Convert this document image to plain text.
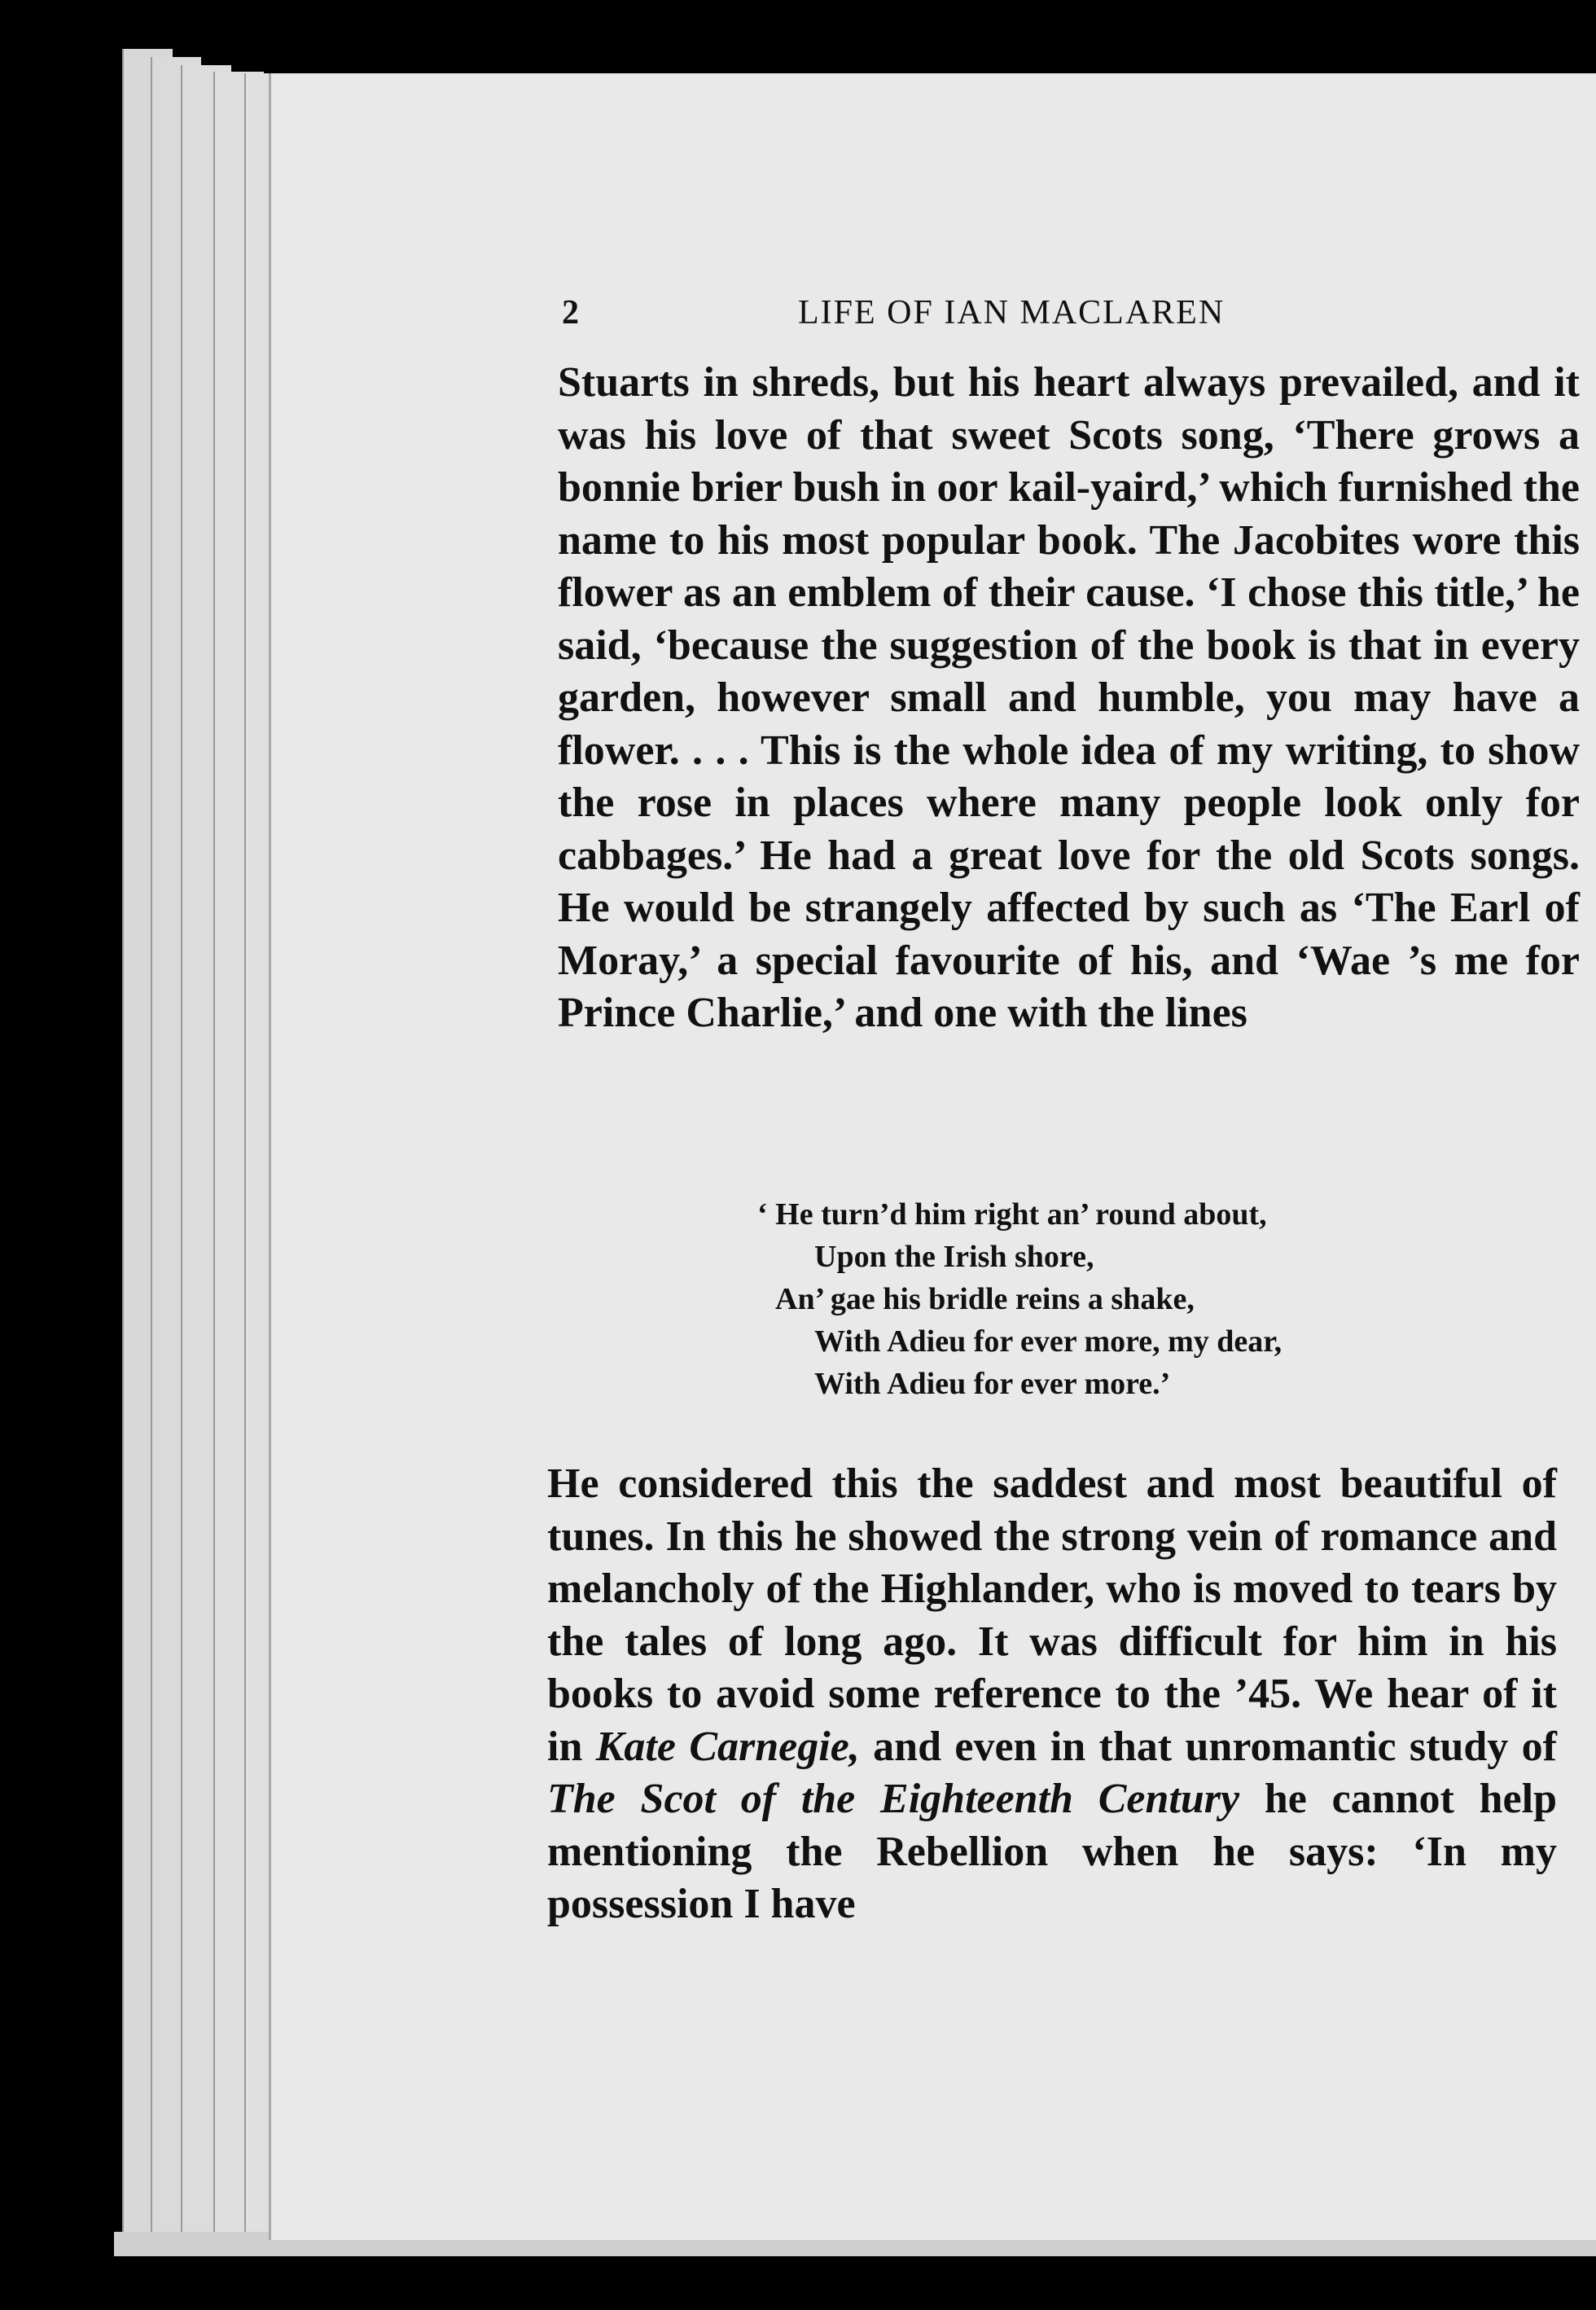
2	LIFE OF IAN MACLAREN
Stuarts in shreds, but his heart always prevailed, and it was his love of that sweet Scots song, ‘There grows a bonnie brier bush in oor kail-yaird,’ which furnished the name to his most popular book. The Jacobites wore this flower as an emblem of their cause. ‘I chose this title,’ he said, ‘because the suggestion of the book is that in every garden, however small and humble, you may have a flower. . . . This is the whole idea of my writing, to show the rose in places where many people look only for cabbages.’ He had a great love for the old Scots songs. He would be strangely affected by such as ‘The Earl of Moray,’ a special favourite of his, and ‘Wae ’s me for Prince Charlie,’ and one with the lines
‘ He turn’d him right an’ round about,
Upon the Irish shore,
An’ gae his bridle reins a shake,
With Adieu for ever more, my dear,
With Adieu for ever more.’
He considered this the saddest and most beautiful of tunes. In this he showed the strong vein of romance and melancholy of the Highlander, who is moved to tears by the tales of long ago. It was difficult for him in his books to avoid some reference to the ’45. We hear of it in Kate Carnegie, and even in that unromantic study of The Scot of the Eighteenth Century he cannot help mentioning the Rebellion when he says: ‘In my possession I have
